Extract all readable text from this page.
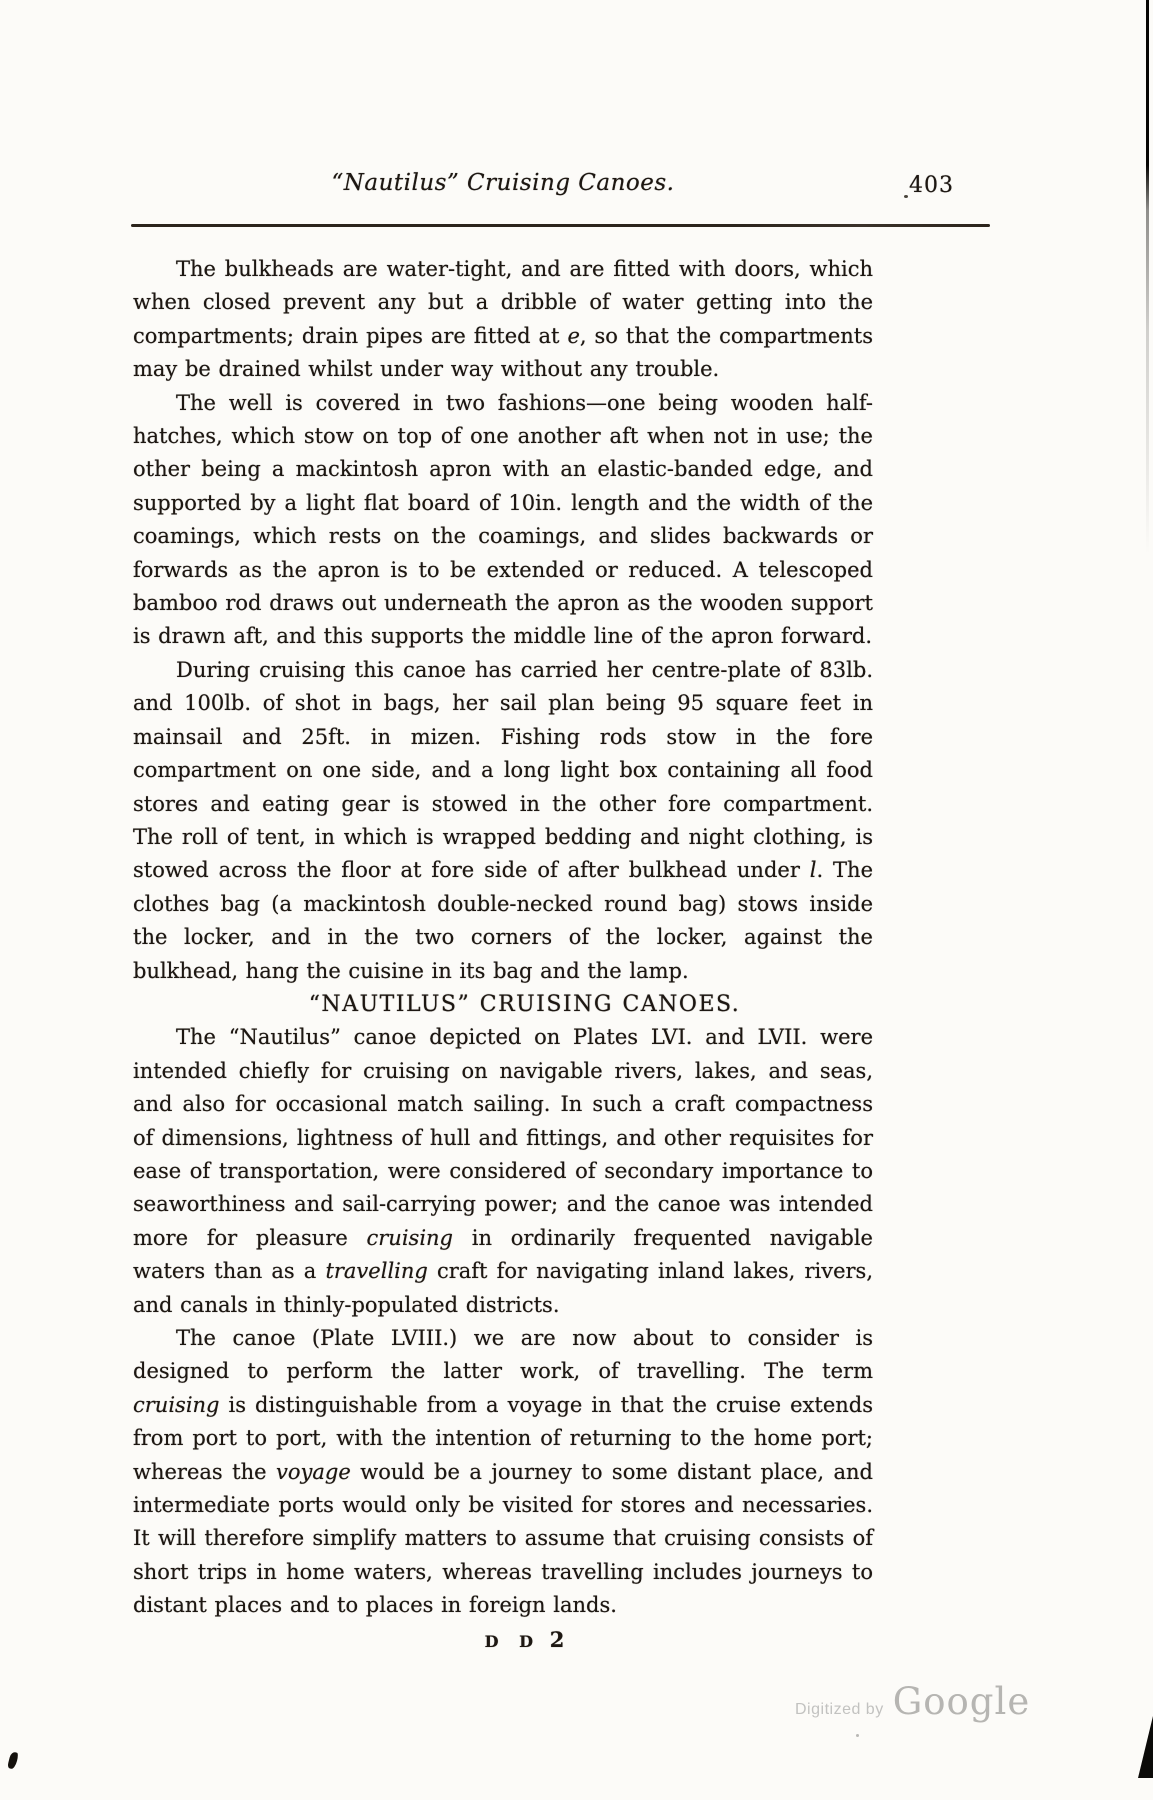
“Nautilus” Cruising Canoes.	403

The bulkheads are water-tight, and are fitted with doors, which when closed prevent any but a dribble of water getting into the compartments; drain pipes are fitted at e, so that the compartments may be drained whilst under way without any trouble.

The well is covered in two fashions—one being wooden half-hatches, which stow on top of one another aft when not in use; the other being a mackintosh apron with an elastic-banded edge, and supported by a light flat board of 10in. length and the width of the coamings, which rests on the coamings, and slides backwards or forwards as the apron is to be extended or reduced. A telescoped bamboo rod draws out underneath the apron as the wooden support is drawn aft, and this supports the middle line of the apron forward.

During cruising this canoe has carried her centre-plate of 83lb. and 100lb. of shot in bags, her sail plan being 95 square feet in mainsail and 25ft. in mizen. Fishing rods stow in the fore compartment on one side, and a long light box containing all food stores and eating gear is stowed in the other fore compartment. The roll of tent, in which is wrapped bedding and night clothing, is stowed across the floor at fore side of after bulkhead under l. The clothes bag (a mackintosh double-necked round bag) stows inside the locker, and in the two corners of the locker, against the bulkhead, hang the cuisine in its bag and the lamp.

“NAUTILUS” CRUISING CANOES.

The “Nautilus” canoe depicted on Plates LVI. and LVII. were intended chiefly for cruising on navigable rivers, lakes, and seas, and also for occasional match sailing. In such a craft compactness of dimensions, lightness of hull and fittings, and other requisites for ease of transportation, were considered of secondary importance to seaworthiness and sail-carrying power; and the canoe was intended more for pleasure cruising in ordinarily frequented navigable waters than as a travelling craft for navigating inland lakes, rivers, and canals in thinly-populated districts.

The canoe (Plate LVIII.) we are now about to consider is designed to perform the latter work, of travelling. The term cruising is distinguishable from a voyage in that the cruise extends from port to port, with the intention of returning to the home port; whereas the voyage would be a journey to some distant place, and intermediate ports would only be visited for stores and necessaries. It will therefore simplify matters to assume that cruising consists of short trips in home waters, whereas travelling includes journeys to distant places and to places in foreign lands.

D D 2

Digitized by Google
